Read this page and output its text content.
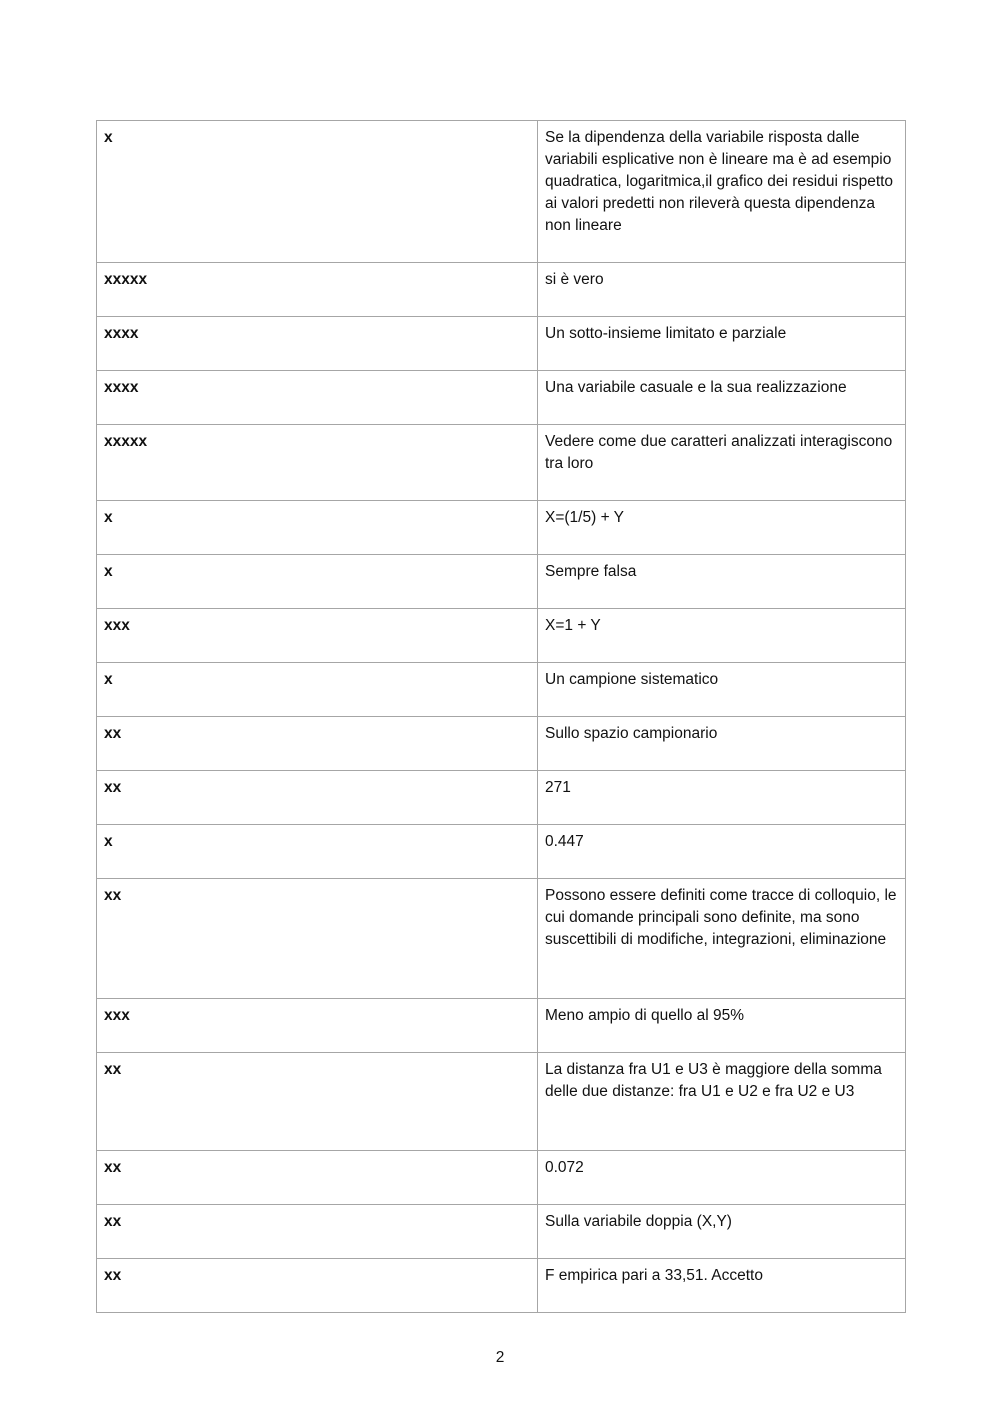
x	Se la dipendenza della variabile risposta dalle variabili esplicative non è lineare ma è ad esempio quadratica, logaritmica,il grafico dei residui rispetto ai valori predetti non rileverà questa dipendenza non lineare
xxxxx	si è vero
xxxx	Un sotto-insieme limitato e parziale
xxxx	Una variabile casuale e la sua realizzazione
xxxxx	Vedere come due caratteri analizzati interagiscono tra loro
x	X=(1/5) + Y
x	Sempre falsa
xxx	X=1 + Y
x	Un campione sistematico
xx	Sullo spazio campionario
xx	271
x	0.447
xx	Possono essere definiti come tracce di colloquio, le cui domande principali sono definite, ma sono suscettibili di modifiche, integrazioni, eliminazione
xxx	Meno ampio di quello al 95%
xx	La distanza fra U1 e U3 è maggiore della somma delle due distanze: fra U1 e U2 e fra U2 e U3
xx	0.072
xx	Sulla variabile doppia (X,Y)
xx	F empirica pari a 33,51. Accetto
2
